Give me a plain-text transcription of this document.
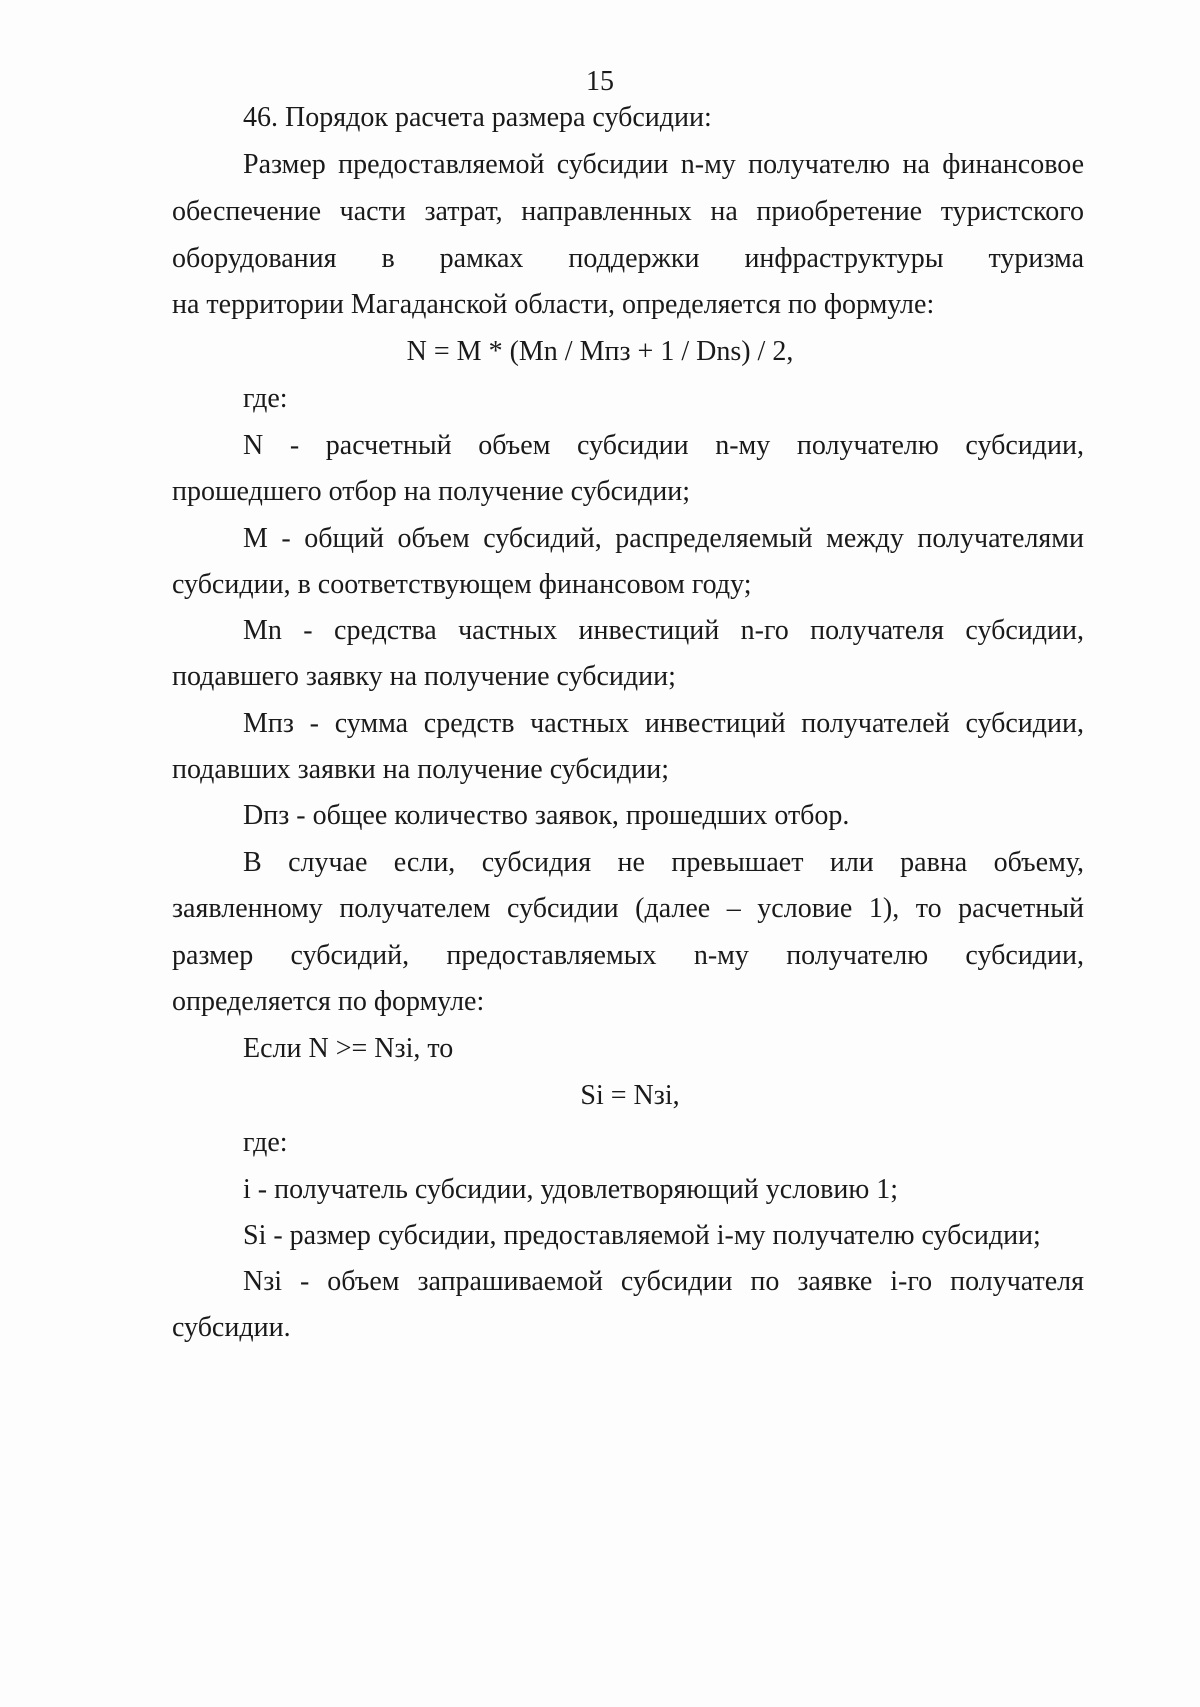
15
46. Порядок расчета размера субсидии:
Размер предоставляемой субсидии n-му получателю на финансовое
обеспечение части затрат, направленных на приобретение туристского
оборудования в рамках поддержки инфраструктуры туризма
на территории Магаданской области, определяется по формуле:
N = M * (Mn / Mпз + 1 / Dns) / 2,
где:
N - расчетный объем субсидии n-му получателю субсидии,
прошедшего отбор на получение субсидии;
M - общий объем субсидий, распределяемый между получателями
субсидии, в соответствующем финансовом году;
Mn - средства частных инвестиций n-го получателя субсидии,
подавшего заявку на получение субсидии;
Mпз - сумма средств частных инвестиций получателей субсидии,
подавших заявки на получение субсидии;
Dпз - общее количество заявок, прошедших отбор.
В случае если, субсидия не превышает или равна объему,
заявленному получателем субсидии (далее – условие 1), то расчетный
размер субсидий, предоставляемых n-му получателю субсидии,
определяется по формуле:
Если N >= Nзi, то
Si = Nзi,
где:
i - получатель субсидии, удовлетворяющий условию 1;
Si - размер субсидии, предоставляемой i-му получателю субсидии;
Nзi - объем запрашиваемой субсидии по заявке i-го получателя
субсидии.
